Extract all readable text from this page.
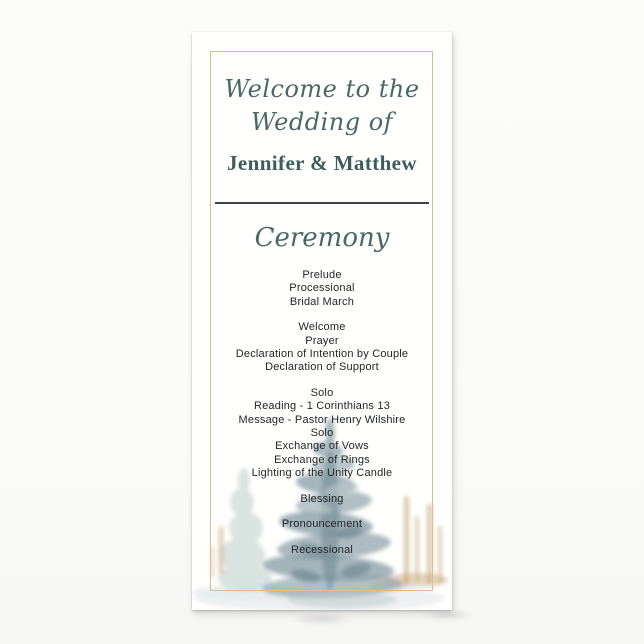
Welcome to the
Wedding of
Jennifer & Matthew
Ceremony
Prelude
Processional
Bridal March
Welcome
Prayer
Declaration of Intention by Couple
Declaration of Support
Solo
Reading - 1 Corinthians 13
Message - Pastor Henry Wilshire
Solo
Exchange of Vows
Exchange of Rings
Lighting of the Unity Candle
Blessing
Pronouncement
Recessional
